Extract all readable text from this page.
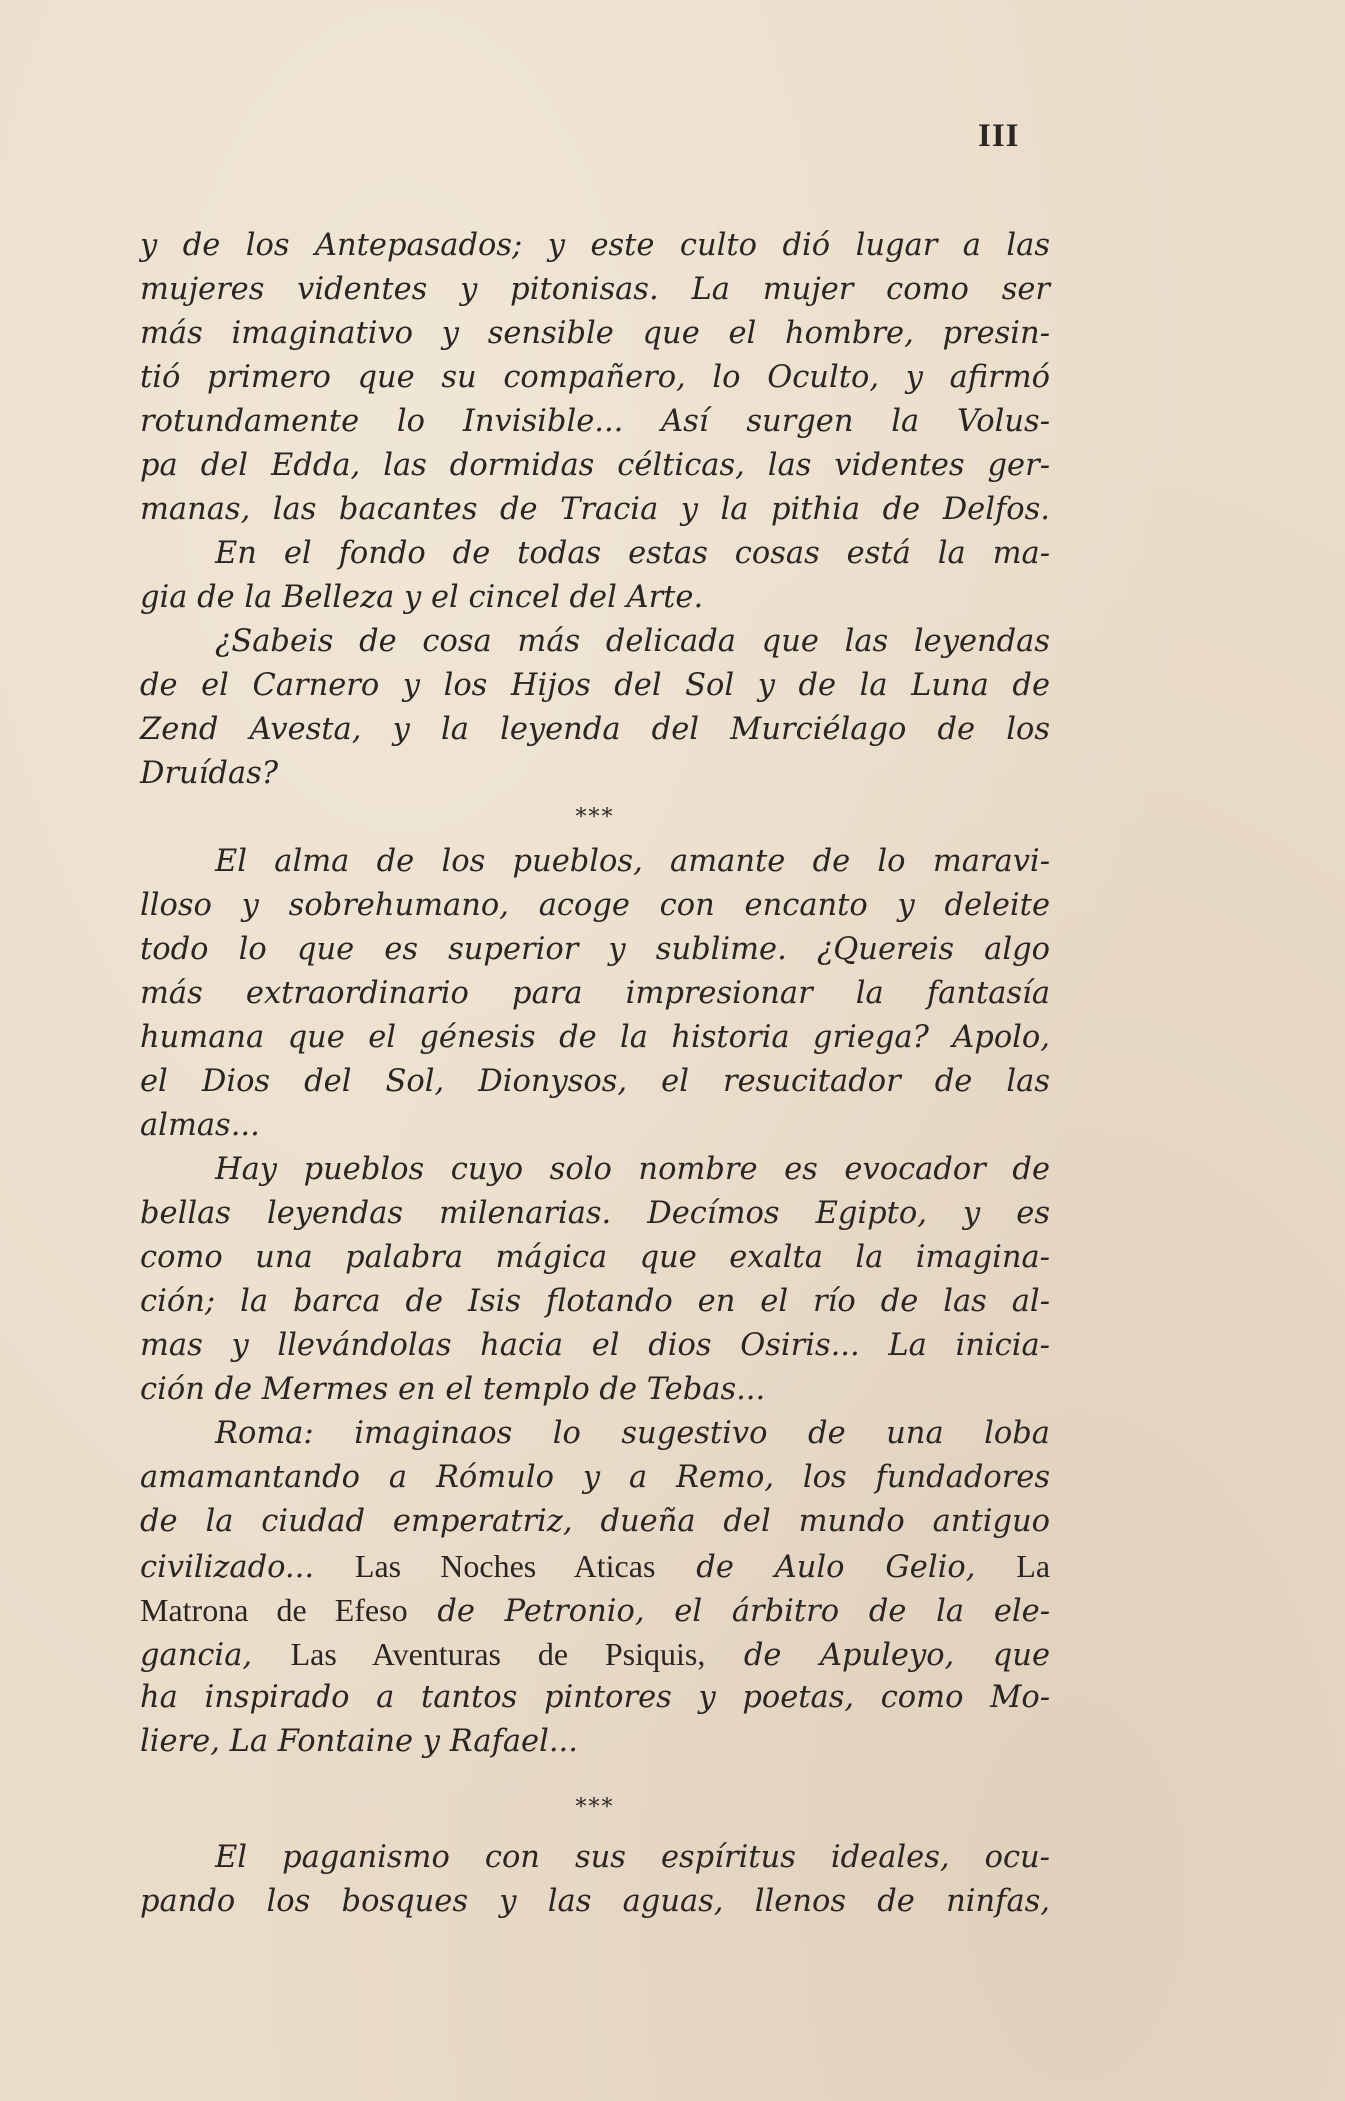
III
y de los Antepasados; y este culto dió lugar a las
mujeres videntes y pitonisas. La mujer como ser
más imaginativo y sensible que el hombre, presin-
tió primero que su compañero, lo Oculto, y afirmó
rotundamente lo Invisible... Así surgen la Volus-
pa del Edda, las dormidas célticas, las videntes ger-
manas, las bacantes de Tracia y la pithia de Delfos.
En el fondo de todas estas cosas está la ma-
gia de la Belleza y el cincel del Arte.
¿Sabeis de cosa más delicada que las leyendas
de el Carnero y los Hijos del Sol y de la Luna de
Zend Avesta, y la leyenda del Murciélago de los
Druídas?
***
El alma de los pueblos, amante de lo maravi-
lloso y sobrehumano, acoge con encanto y deleite
todo lo que es superior y sublime. ¿Quereis algo
más extraordinario para impresionar la fantasía
humana que el génesis de la historia griega? Apolo,
el Dios del Sol, Dionysos, el resucitador de las
almas...
Hay pueblos cuyo solo nombre es evocador de
bellas leyendas milenarias. Decímos Egipto, y es
como una palabra mágica que exalta la imagina-
ción; la barca de Isis flotando en el río de las al-
mas y llevándolas hacia el dios Osiris... La inicia-
ción de Mermes en el templo de Tebas...
Roma: imaginaos lo sugestivo de una loba
amamantando a Rómulo y a Remo, los fundadores
de la ciudad emperatriz, dueña del mundo antiguo
civilizado... Las Noches Aticas de Aulo Gelio, La
Matrona de Efeso de Petronio, el árbitro de la ele-
gancia, Las Aventuras de Psiquis, de Apuleyo, que
ha inspirado a tantos pintores y poetas, como Mo-
liere, La Fontaine y Rafael...
***
El paganismo con sus espíritus ideales, ocu-
pando los bosques y las aguas, llenos de ninfas,
